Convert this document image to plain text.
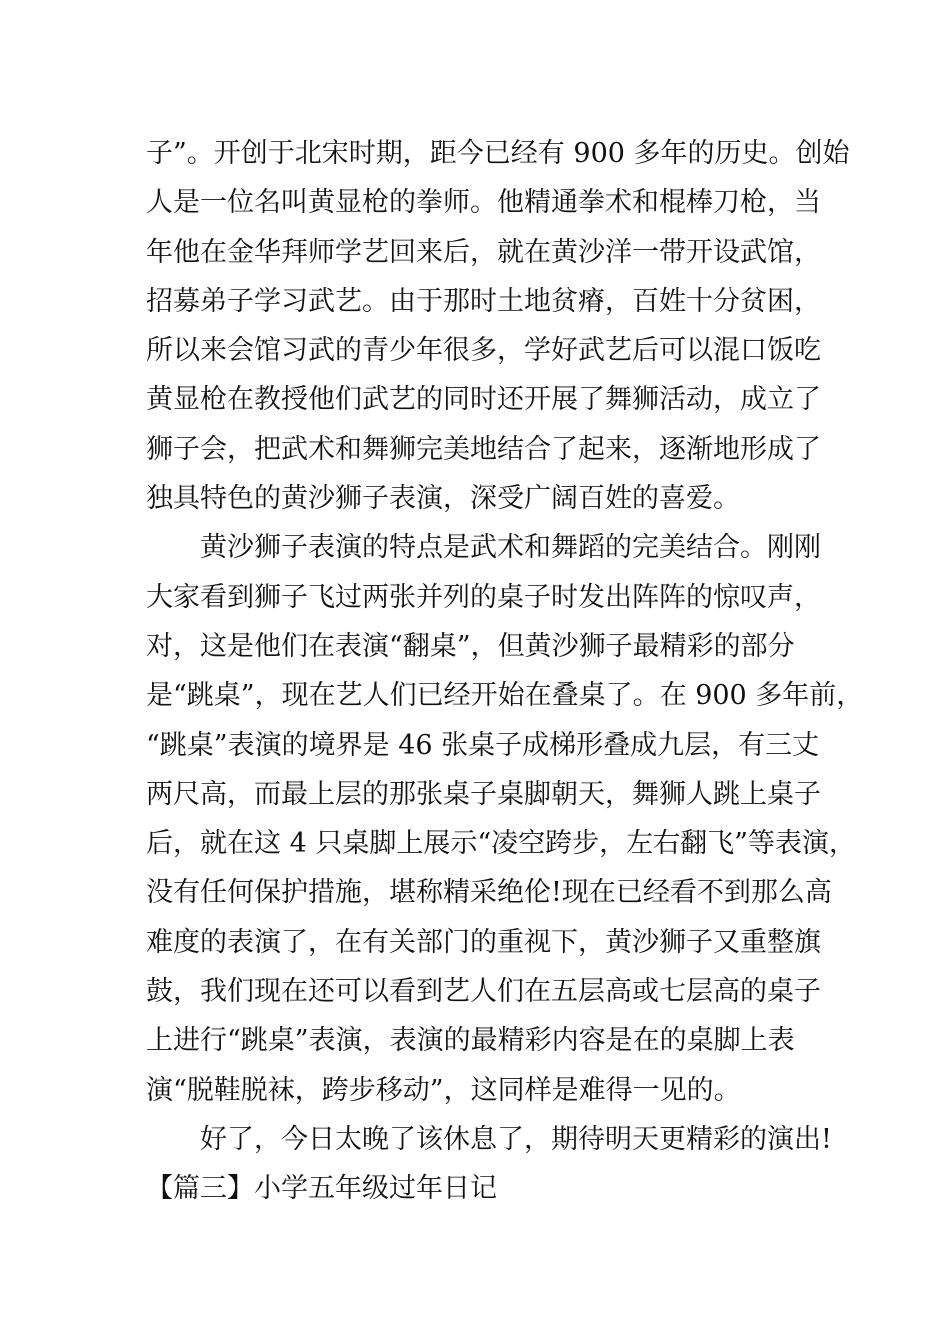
子”。开创于北宋时期，距今已经有 900 多年的历史。创始
人是一位名叫黄显枪的拳师。他精通拳术和棍棒刀枪，当
年他在金华拜师学艺回来后，就在黄沙洋一带开设武馆，
招募弟子学习武艺。由于那时土地贫瘠，百姓十分贫困，
所以来会馆习武的青少年很多，学好武艺后可以混口饭吃
黄显枪在教授他们武艺的同时还开展了舞狮活动，成立了
狮子会，把武术和舞狮完美地结合了起来，逐渐地形成了
独具特色的黄沙狮子表演，深受广阔百姓的喜爱。
黄沙狮子表演的特点是武术和舞蹈的完美结合。刚刚
大家看到狮子飞过两张并列的桌子时发出阵阵的惊叹声，
对，这是他们在表演“翻桌”，但黄沙狮子最精彩的部分
是“跳桌”，现在艺人们已经开始在叠桌了。在 900 多年前，
“跳桌”表演的境界是 46 张桌子成梯形叠成九层，有三丈
两尺高，而最上层的那张桌子桌脚朝天，舞狮人跳上桌子
后，就在这 4 只桌脚上展示“凌空跨步，左右翻飞”等表演，
没有任何保护措施，堪称精采绝伦!现在已经看不到那么高
难度的表演了，在有关部门的重视下，黄沙狮子又重整旗
鼓，我们现在还可以看到艺人们在五层高或七层高的桌子
上进行“跳桌”表演，表演的最精彩内容是在的桌脚上表
演“脱鞋脱袜，跨步移动”，这同样是难得一见的。
好了，今日太晚了该休息了，期待明天更精彩的演出!
【篇三】小学五年级过年日记
